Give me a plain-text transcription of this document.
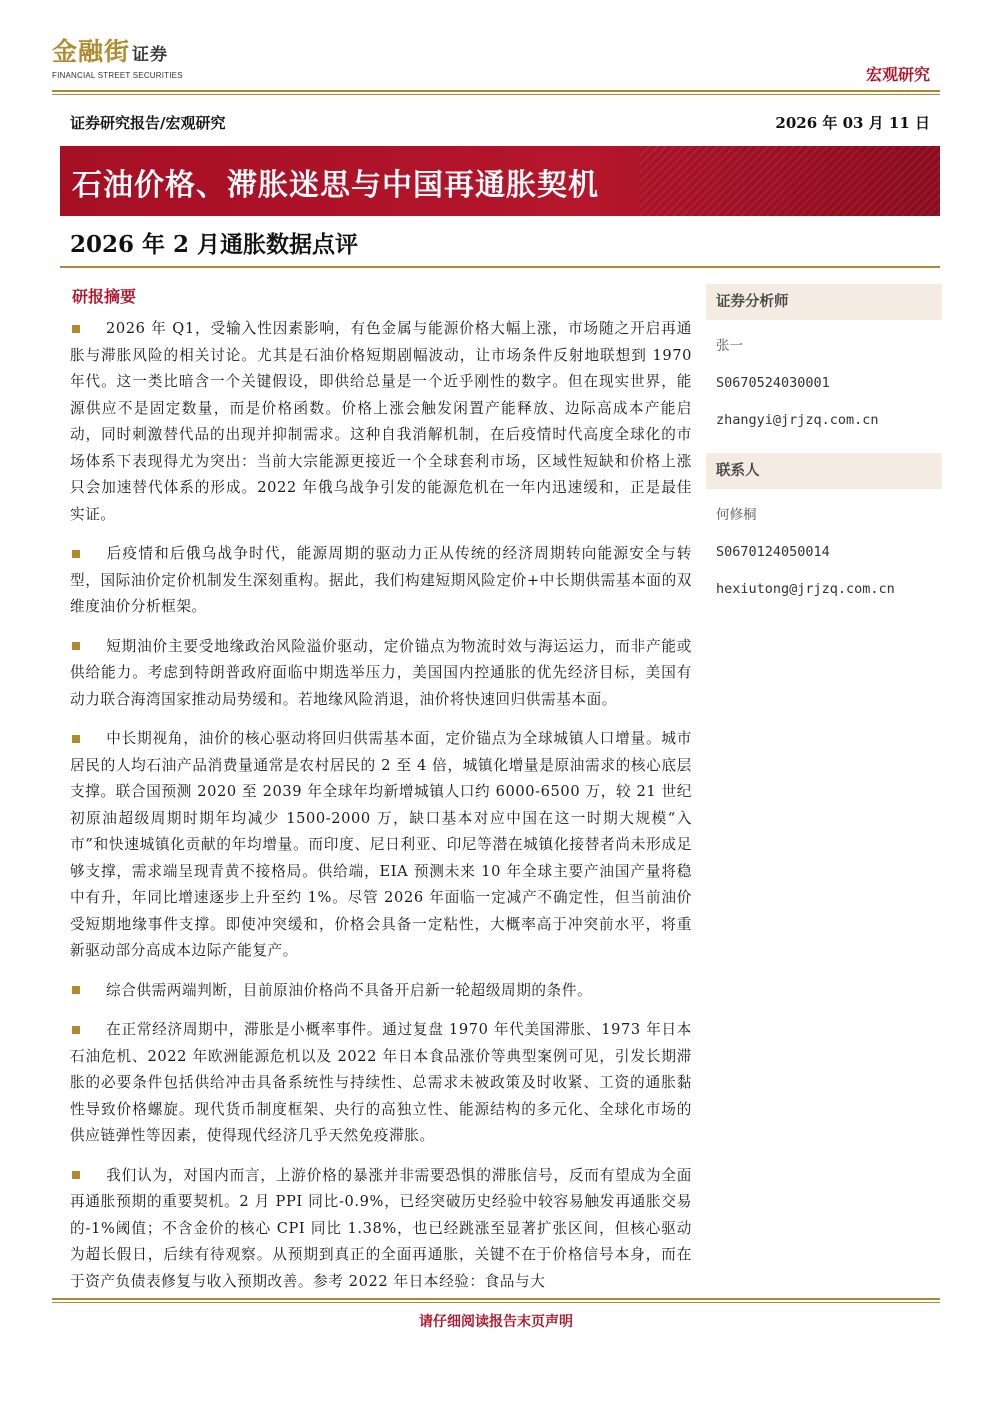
金融街 证券
FINANCIAL STREET SECURITIES	宏观研究
证券研究报告/宏观研究	2026 年 03 月 11 日
石油价格、滞胀迷思与中国再通胀契机
2026 年 2 月通胀数据点评
研报摘要

2026 年 Q1，受输入性因素影响，有色金属与能源价格大幅上涨，市场随之开启再通胀与滞胀风险的相关讨论。尤其是石油价格短期剧幅波动，让市场条件反射地联想到 1970 年代。这一类比暗含一个关键假设，即供给总量是一个近乎刚性的数字。但在现实世界，能源供应不是固定数量，而是价格函数。价格上涨会触发闲置产能释放、边际高成本产能启动，同时刺激替代品的出现并抑制需求。这种自我消解机制，在后疫情时代高度全球化的市场体系下表现得尤为突出：当前大宗能源更接近一个全球套利市场，区域性短缺和价格上涨只会加速替代体系的形成。2022 年俄乌战争引发的能源危机在一年内迅速缓和，正是最佳实证。

后疫情和后俄乌战争时代，能源周期的驱动力正从传统的经济周期转向能源安全与转型，国际油价定价机制发生深刻重构。据此，我们构建短期风险定价+中长期供需基本面的双维度油价分析框架。

短期油价主要受地缘政治风险溢价驱动，定价锚点为物流时效与海运运力，而非产能或供给能力。考虑到特朗普政府面临中期选举压力，美国国内控通胀的优先经济目标，美国有动力联合海湾国家推动局势缓和。若地缘风险消退，油价将快速回归供需基本面。

中长期视角，油价的核心驱动将回归供需基本面，定价锚点为全球城镇人口增量。城市居民的人均石油产品消费量通常是农村居民的 2 至 4 倍，城镇化增量是原油需求的核心底层支撑。联合国预测 2020 至 2039 年全球年均新增城镇人口约 6000-6500 万，较 21 世纪初原油超级周期时期年均减少 1500-2000 万，缺口基本对应中国在这一时期大规模“入市”和快速城镇化贡献的年均增量。而印度、尼日利亚、印尼等潜在城镇化接替者尚未形成足够支撑，需求端呈现青黄不接格局。供给端，EIA 预测未来 10 年全球主要产油国产量将稳中有升，年同比增速逐步上升至约 1%。尽管 2026 年面临一定减产不确定性，但当前油价受短期地缘事件支撑。即使冲突缓和，价格会具备一定粘性，大概率高于冲突前水平，将重新驱动部分高成本边际产能复产。

综合供需两端判断，目前原油价格尚不具备开启新一轮超级周期的条件。

在正常经济周期中，滞胀是小概率事件。通过复盘 1970 年代美国滞胀、1973 年日本石油危机、2022 年欧洲能源危机以及 2022 年日本食品涨价等典型案例可见，引发长期滞胀的必要条件包括供给冲击具备系统性与持续性、总需求未被政策及时收紧、工资的通胀黏性导致价格螺旋。现代货币制度框架、央行的高独立性、能源结构的多元化、全球化市场的供应链弹性等因素，使得现代经济几乎天然免疫滞胀。

我们认为，对国内而言，上游价格的暴涨并非需要恐惧的滞胀信号，反而有望成为全面再通胀预期的重要契机。2 月 PPI 同比-0.9%，已经突破历史经验中较容易触发再通胀交易的-1%阈值；不含金价的核心 CPI 同比 1.38%，也已经跳涨至显著扩张区间，但核心驱动为超长假日，后续有待观察。从预期到真正的全面再通胀，关键不在于价格信号本身，而在于资产负债表修复与收入预期改善。参考 2022 年日本经验：食品与大

证券分析师
张一
S0670524030001
zhangyi@jrjzq.com.cn
联系人
何修桐
S0670124050014
hexiutong@jrjzq.com.cn
请仔细阅读报告末页声明
